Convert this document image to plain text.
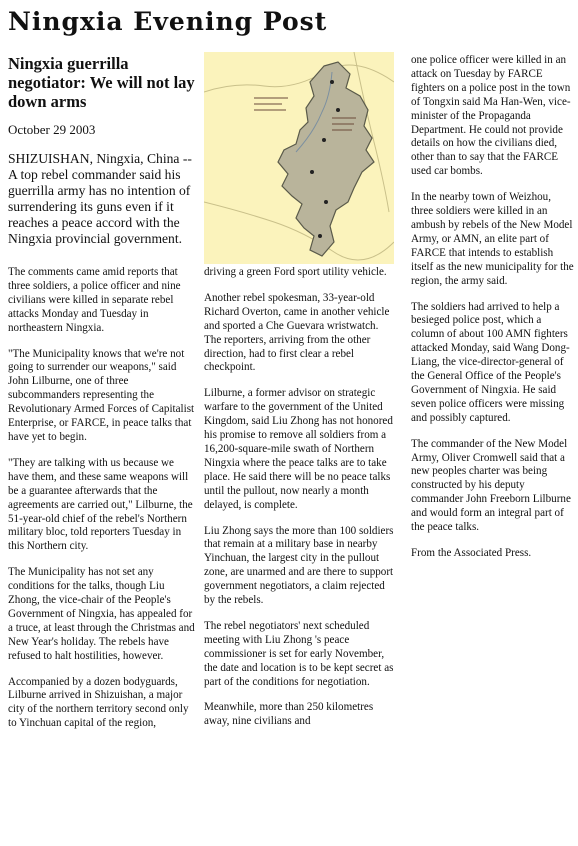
Ningxia Evening Post
Ningxia guerrilla negotiator: We will not lay down arms
October 29 2003
SHIZUISHAN, Ningxia, China -- A top rebel commander said his guerrilla army has no intention of surrendering its guns even if it reaches a peace accord with the Ningxia provincial government.

The comments came amid reports that three soldiers, a police officer and nine civilians were killed in separate rebel attacks Monday and Tuesday in northeastern Ningxia.

"The Municipality knows that we're not going to surrender our weapons," said John Lilburne, one of three subcommanders representing the Revolutionary Armed Forces of Capitalist Enterprise, or FARCE, in peace talks that have yet to begin.

"They are talking with us because we have them, and these same weapons will be a guarantee afterwards that the agreements are carried out," Lilburne, the 51-year-old chief of the rebel's Northern military bloc, told reporters Tuesday in this Northern city.

The Municipality has not set any conditions for the talks, though Liu Zhong, the vice-chair of the People's Government of Ningxia, has appealed for a truce, at least through the Christmas and New Year's holiday. The rebels have refused to halt hostilities, however.

Accompanied by a dozen bodyguards, Lilburne arrived in Shizuishan, a major city of the northern territory second only to Yinchuan capital of the region,

driving a green Ford sport utility vehicle.

Another rebel spokesman, 33-year-old Richard Overton, came in another vehicle and sported a Che Guevara wristwatch. The reporters, arriving from the other direction, had to first clear a rebel checkpoint.

Lilburne, a former advisor on strategic warfare to the government of the United Kingdom, said Liu Zhong has not honored his promise to remove all soldiers from a 16,200-square-mile swath of Northern Ningxia where the peace talks are to take place. He said there will be no peace talks until the pullout, now nearly a month delayed, is complete.

Liu Zhong says the more than 100 soldiers that remain at a military base in nearby Yinchuan, the largest city in the pullout zone, are unarmed and are there to support government negotiators, a claim rejected by the rebels.

The rebel negotiators' next scheduled meeting with Liu Zhong 's peace commissioner is set for early November, the date and location is to be kept secret as part of the conditions for negotiation.

Meanwhile, more than 250 kilometres away, nine civilians and

one police officer were killed in an attack on Tuesday by FARCE fighters on a police post in the town of Tongxin said Ma Han-Wen, vice-minister of the Propaganda Department. He could not provide details on how the civilians died, other than to say that the FARCE used car bombs.

In the nearby town of Weizhou, three soldiers were killed in an ambush by rebels of the New Model Army, or AMN, an elite part of FARCE that intends to establish itself as the new municipality for the region, the army said.

The soldiers had arrived to help a besieged police post, which a column of about 100 AMN fighters attacked Monday, said Wang Dong-Liang, the vice-director-general of the General Office of the People's Government of Ningxia. He said seven police officers were missing and possibly captured.

The commander of the New Model Army, Oliver Cromwell said that a new peoples charter was being constructed by his deputy commander John Freeborn Lilburne and would form an integral part of the peace talks.

From the Associated Press.
